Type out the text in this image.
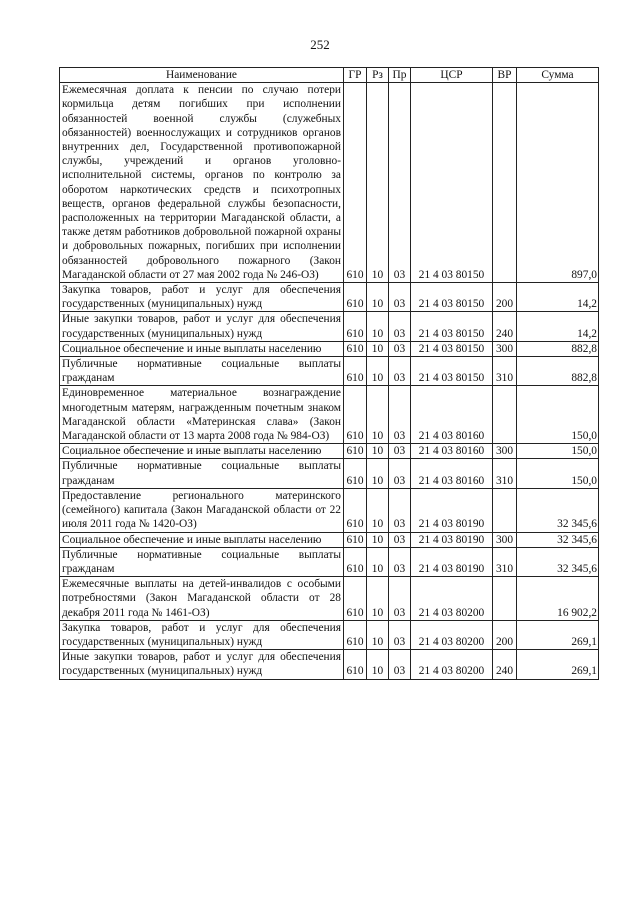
252
Наименование	ГР	Рз	Пр	ЦСР	ВР	Сумма
Ежемесячная доплата к пенсии по случаю потери кормильца детям погибших при исполнении обязанностей военной службы (служебных обязанностей) военнослужащих и сотрудников органов внутренних дел, Государственной противопожарной службы, учреждений и органов уголовно-исполнительной системы, органов по контролю за оборотом наркотических средств и психотропных веществ, органов федеральной службы безопасности, расположенных на территории Магаданской области, а также детям работников добровольной пожарной охраны и добровольных пожарных, погибших при исполнении обязанностей добровольного пожарного (Закон Магаданской области от 27 мая 2002 года № 246-ОЗ)	610	10	03	21 4 03 80150		897,0
Закупка товаров, работ и услуг для обеспечения государственных (муниципальных) нужд	610	10	03	21 4 03 80150	200	14,2
Иные закупки товаров, работ и услуг для обеспечения государственных (муниципальных) нужд	610	10	03	21 4 03 80150	240	14,2
Социальное обеспечение и иные выплаты населению	610	10	03	21 4 03 80150	300	882,8
Публичные нормативные социальные выплаты гражданам	610	10	03	21 4 03 80150	310	882,8
Единовременное материальное вознаграждение многодетным матерям, награжденным почетным знаком Магаданской области «Материнская слава» (Закон Магаданской области от 13 марта 2008 года № 984-ОЗ)	610	10	03	21 4 03 80160		150,0
Социальное обеспечение и иные выплаты населению	610	10	03	21 4 03 80160	300	150,0
Публичные нормативные социальные выплаты гражданам	610	10	03	21 4 03 80160	310	150,0
Предоставление регионального материнского (семейного) капитала (Закон Магаданской области от 22 июля 2011 года № 1420-ОЗ)	610	10	03	21 4 03 80190		32 345,6
Социальное обеспечение и иные выплаты населению	610	10	03	21 4 03 80190	300	32 345,6
Публичные нормативные социальные выплаты гражданам	610	10	03	21 4 03 80190	310	32 345,6
Ежемесячные выплаты на детей-инвалидов с особыми потребностями (Закон Магаданской области от 28 декабря 2011 года № 1461-ОЗ)	610	10	03	21 4 03 80200		16 902,2
Закупка товаров, работ и услуг для обеспечения государственных (муниципальных) нужд	610	10	03	21 4 03 80200	200	269,1
Иные закупки товаров, работ и услуг для обеспечения государственных (муниципальных) нужд	610	10	03	21 4 03 80200	240	269,1
